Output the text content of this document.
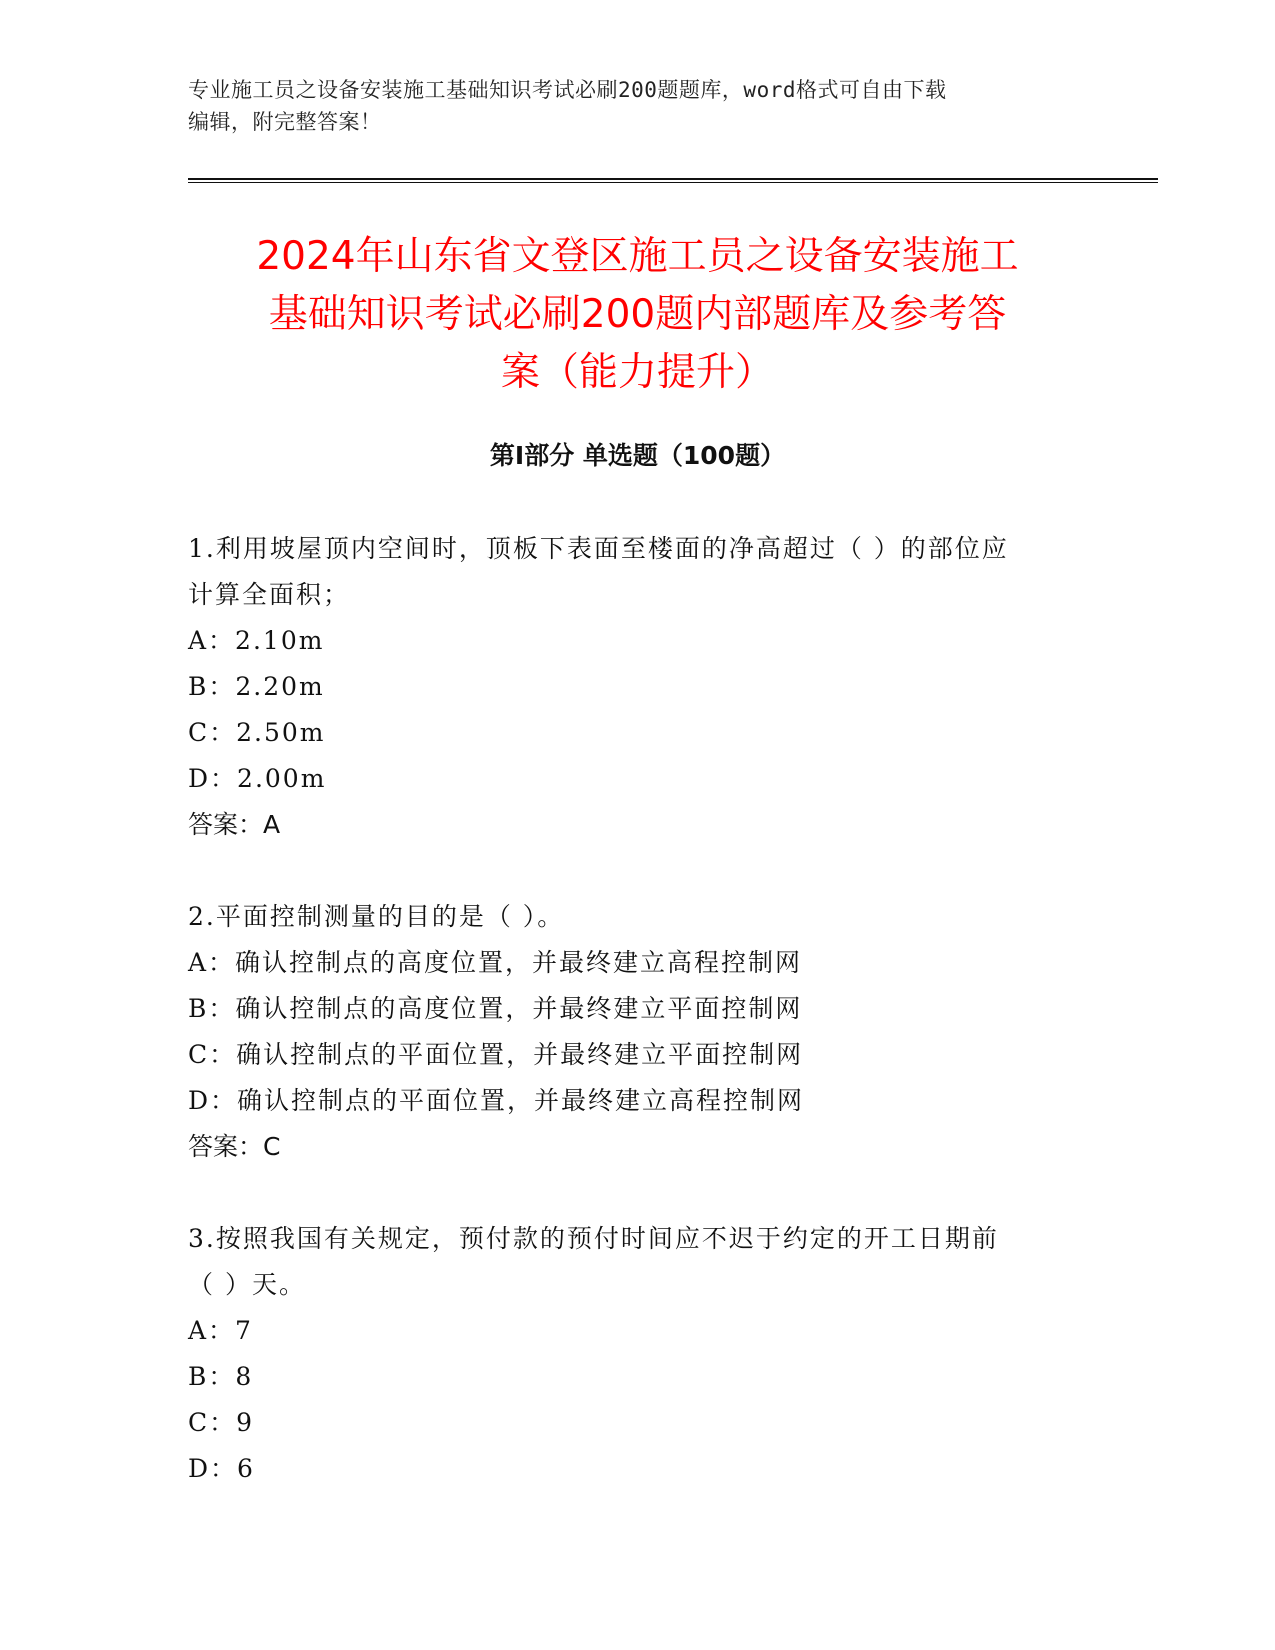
专业施工员之设备安装施工基础知识考试必刷200题题库，word格式可自由下载
编辑，附完整答案！
2024年山东省文登区施工员之设备安装施工
基础知识考试必刷200题内部题库及参考答
案（能力提升）
第Ⅰ部分 单选题（100题）
1.利用坡屋顶内空间时，顶板下表面至楼面的净高超过（ ）的部位应
计算全面积；
A：2.10m
B：2.20m
C：2.50m
D：2.00m
答案：A
2.平面控制测量的目的是（ ）。
A：确认控制点的高度位置，并最终建立高程控制网
B：确认控制点的高度位置，并最终建立平面控制网
C：确认控制点的平面位置，并最终建立平面控制网
D：确认控制点的平面位置，并最终建立高程控制网
答案：C
3.按照我国有关规定，预付款的预付时间应不迟于约定的开工日期前
（ ）天。
A：7
B：8
C：9
D：6
